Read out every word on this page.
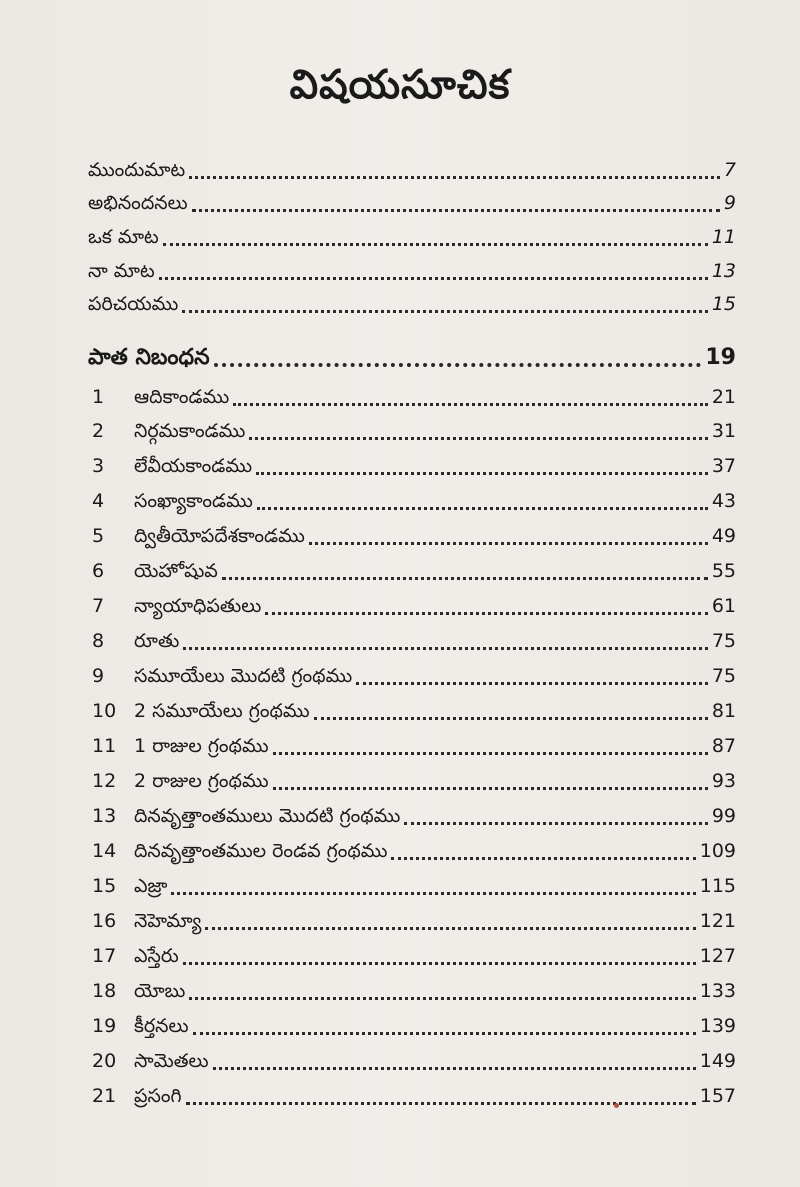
విషయసూచిక
ముందుమాట	7
అభినందనలు	9
ఒక మాట	11
నా మాట	13
పరిచయము	15
పాత నిబంధన	19
1	ఆదికాండము	21
2	నిర్గమకాండము	31
3	లేవీయకాండము	37
4	సంఖ్యాకాండము	43
5	ద్వితీయోపదేశకాండము	49
6	యెహోషువ	55
7	న్యాయాధిపతులు	61
8	రూతు	75
9	సమూయేలు మొదటి గ్రంథము	75
10 2 సమూయేలు గ్రంథము	81
11 1 రాజుల గ్రంథము	87
12 2 రాజుల గ్రంథము	93
13 దినవృత్తాంతములు మొదటి గ్రంథము	99
14 దినవృత్తాంతముల రెండవ గ్రంథము	109
15 ఎజ్రా	115
16 నెహెమ్యా	121
17 ఎస్తేరు	127
18 యోబు	133
19 కీర్తనలు	139
20 సామెతలు	149
21 ప్రసంగి	157
